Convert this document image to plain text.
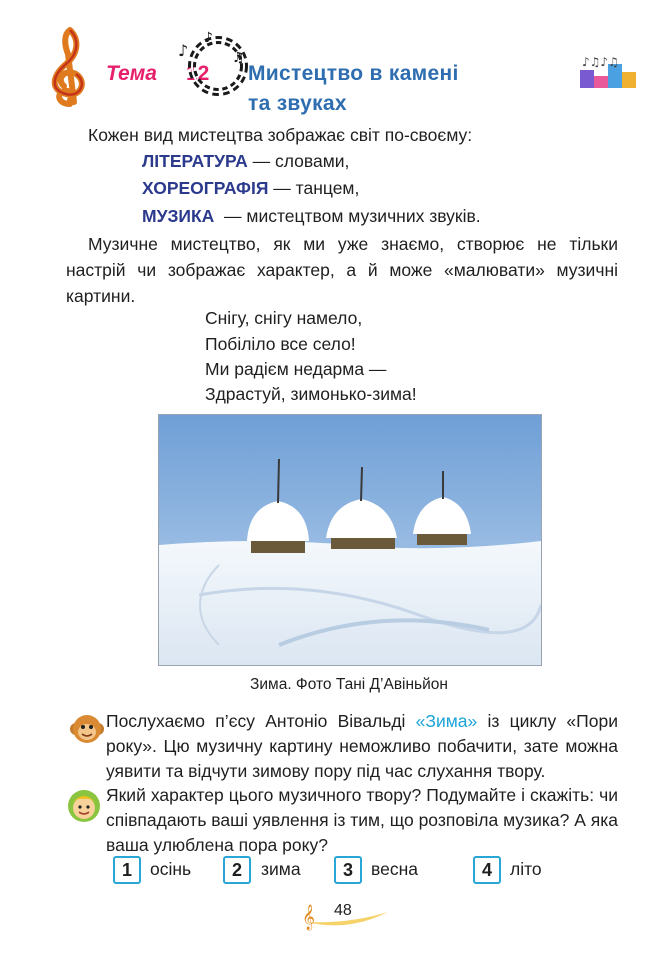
Тема 12
♪
♪
♫
Мистецтво в камені
та звуках
♪♫♪♫
Кожен вид мистецтва зображає світ по-своєму:
ЛІТЕРАТУРА — словами,
ХОРЕОГРАФІЯ — танцем,
МУЗИКА  — мистецтвом музичних звуків.
Музичне мистецтво, як ми уже знаємо, створює не тільки настрій чи зображає характер, а й може «малювати» музичні картини.
Снігу, снігу намело,
Побіліло все село!
Ми радієм недарма —
Здрастуй, зимонько-зима!
Зима. Фото Тані Д’Авіньйон
Послухаємо п’єсу Антоніо Вівальді «Зима» із циклу «Пори року». Цю музичну картину неможливо побачити, зате можна уявити та відчути зимову пору під час слухання твору.
Який характер цього музичного твору? Подумайте і скажіть: чи співпадають ваші уявлення із тим, що розповіла музика? А яка ваша улюблена пора року?
1	осінь	2	зима	3	весна	4	літо
𝄞 48
